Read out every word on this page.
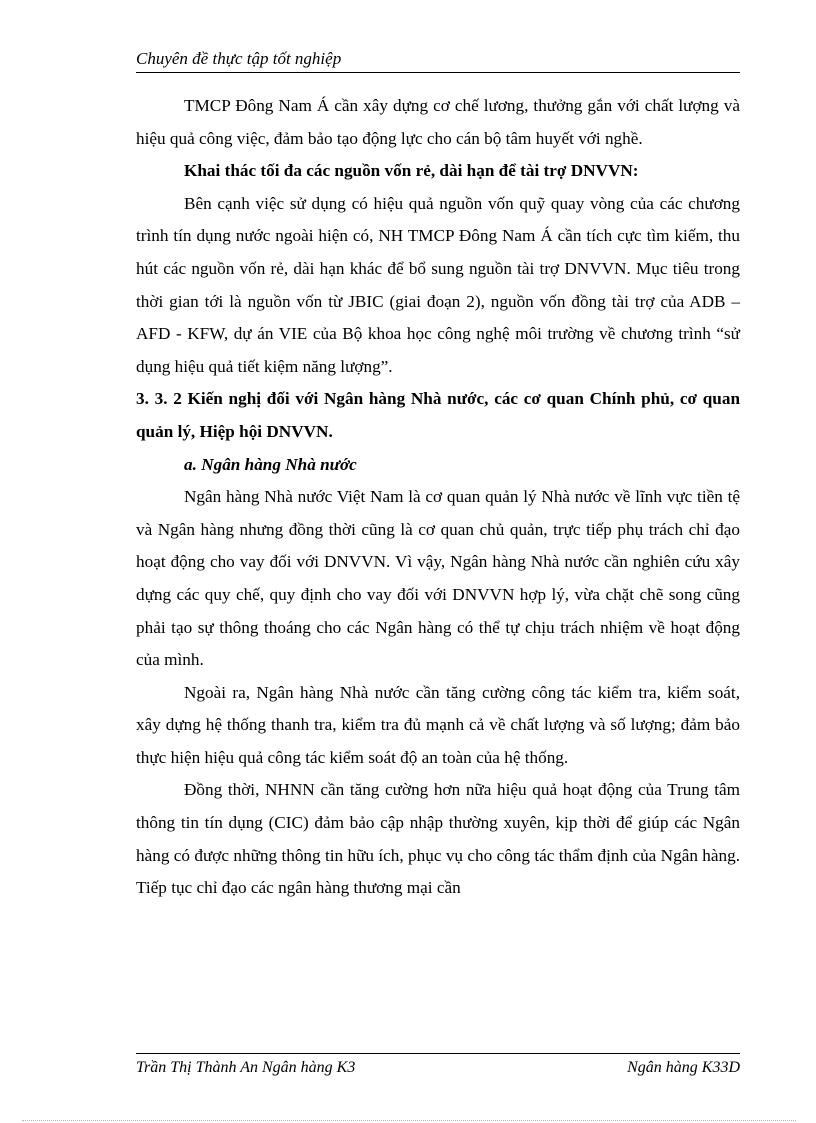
Chuyên đề thực tập tốt nghiệp

TMCP Đông Nam Á cần xây dựng cơ chế lương, thưởng gắn với chất lượng và hiệu quả công việc, đảm bảo tạo động lực cho cán bộ tâm huyết với nghề.

Khai thác tối đa các nguồn vốn rẻ, dài hạn để tài trợ DNVVN:

Bên cạnh việc sử dụng có hiệu quả nguồn vốn quỹ quay vòng của các chương trình tín dụng nước ngoài hiện có, NH TMCP Đông Nam Á cần tích cực tìm kiếm, thu hút các nguồn vốn rẻ, dài hạn khác để bổ sung nguồn tài trợ DNVVN. Mục tiêu trong thời gian tới là nguồn vốn từ JBIC (giai đoạn 2), nguồn vốn đồng tài trợ của ADB – AFD - KFW, dự án VIE của Bộ khoa học công nghệ môi trường về chương trình “sử dụng hiệu quả tiết kiệm năng lượng”.

3. 3. 2 Kiến nghị đối với Ngân hàng Nhà nước, các cơ quan Chính phủ, cơ quan quản lý, Hiệp hội DNVVN.

a. Ngân hàng Nhà nước

Ngân hàng Nhà nước Việt Nam là cơ quan quản lý Nhà nước về lĩnh vực tiền tệ và Ngân hàng nhưng đồng thời cũng là cơ quan chủ quản, trực tiếp phụ trách chỉ đạo hoạt động cho vay đối với DNVVN. Vì vậy, Ngân hàng Nhà nước cần nghiên cứu xây dựng các quy chế, quy định cho vay đối với DNVVN hợp lý, vừa chặt chẽ song cũng phải tạo sự thông thoáng cho các Ngân hàng có thể tự chịu trách nhiệm về hoạt động của mình.

Ngoài ra, Ngân hàng Nhà nước cần tăng cường công tác kiểm tra, kiểm soát, xây dựng hệ thống thanh tra, kiểm tra đủ mạnh cả về chất lượng và số lượng; đảm bảo thực hiện hiệu quả công tác kiểm soát độ an toàn của hệ thống.

Đồng thời, NHNN cần tăng cường hơn nữa hiệu quả hoạt động của Trung tâm thông tin tín dụng (CIC) đảm bảo cập nhập thường xuyên, kịp thời để giúp các Ngân hàng có được những thông tin hữu ích, phục vụ cho công tác thẩm định của Ngân hàng. Tiếp tục chỉ đạo các ngân hàng thương mại cần

Trần Thị Thành An Ngân hàng K3	Ngân hàng K33D
